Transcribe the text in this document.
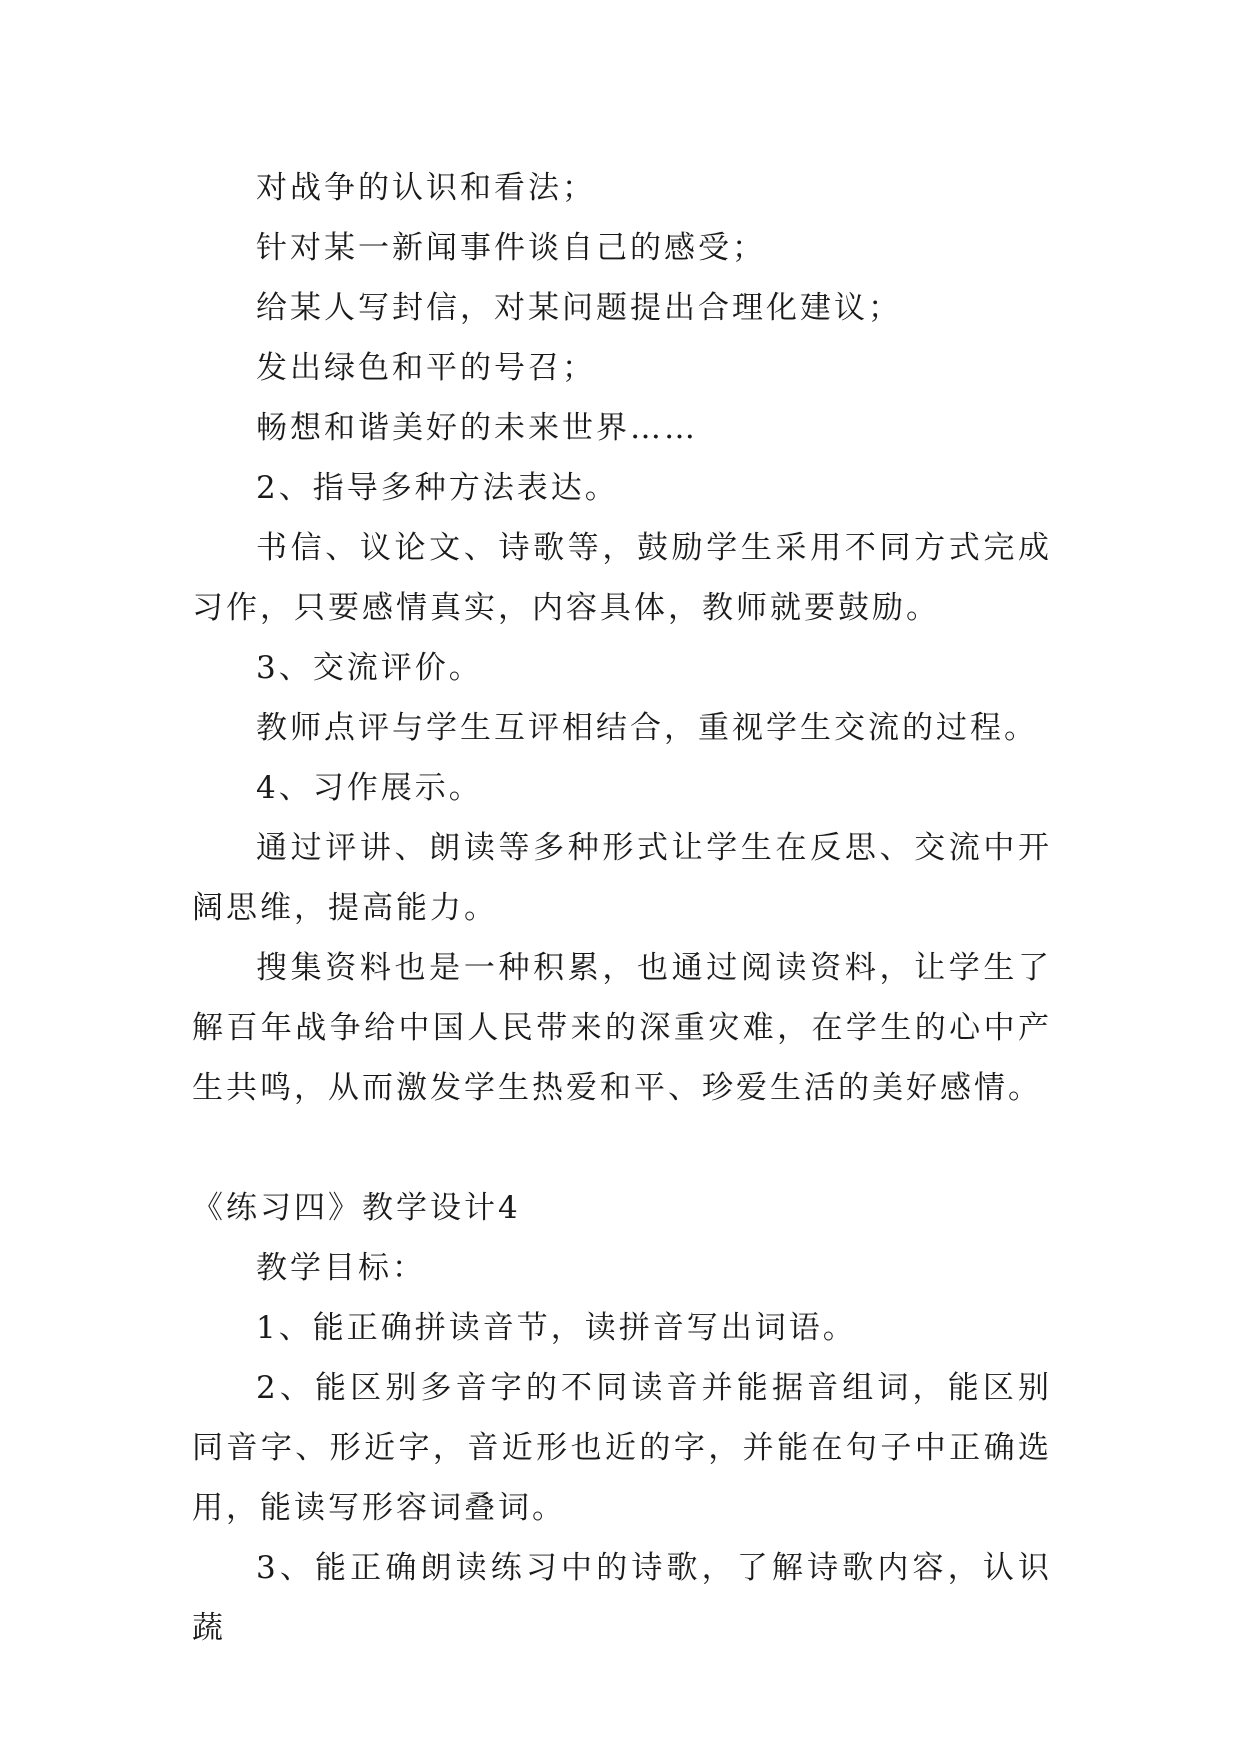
对战争的认识和看法；

针对某一新闻事件谈自己的感受；

给某人写封信，对某问题提出合理化建议；

发出绿色和平的号召；

畅想和谐美好的未来世界……

2、指导多种方法表达。

书信、议论文、诗歌等，鼓励学生采用不同方式完成习作，只要感情真实，内容具体，教师就要鼓励。

3、交流评价。

教师点评与学生互评相结合，重视学生交流的过程。

4、习作展示。

通过评讲、朗读等多种形式让学生在反思、交流中开阔思维，提高能力。

搜集资料也是一种积累，也通过阅读资料，让学生了解百年战争给中国人民带来的深重灾难，在学生的心中产生共鸣，从而激发学生热爱和平、珍爱生活的美好感情。

《练习四》教学设计4

教学目标：

1、能正确拼读音节，读拼音写出词语。

2、能区别多音字的不同读音并能据音组词，能区别同音字、形近字，音近形也近的字，并能在句子中正确选用，能读写形容词叠词。

3、能正确朗读练习中的诗歌，了解诗歌内容，认识蔬
